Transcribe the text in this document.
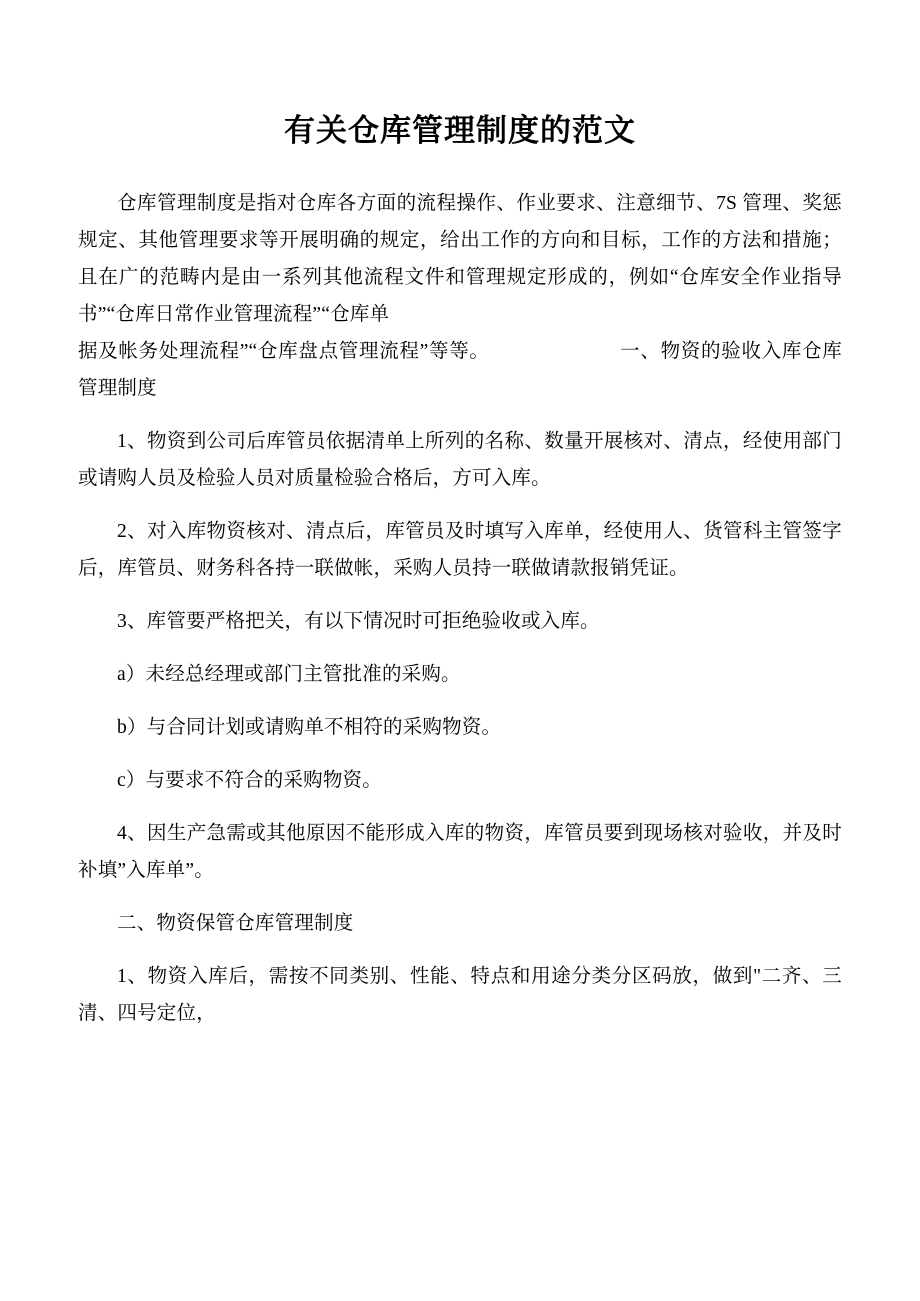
有关仓库管理制度的范文

仓库管理制度是指对仓库各方面的流程操作、作业要求、注意细节、7S 管理、奖惩规定、其他管理要求等开展明确的规定，给出工作的方向和目标，工作的方法和措施；且在广的范畴内是由一系列其他流程文件和管理规定形成的，例如“仓库安全作业指导书”“仓库日常作业管理流程”“仓库单

据及帐务处理流程”“仓库盘点管理流程”等等。	一、物资的验收入库仓库管理制度

1、物资到公司后库管员依据清单上所列的名称、数量开展核对、清点，经使用部门或请购人员及检验人员对质量检验合格后，方可入库。

2、对入库物资核对、清点后，库管员及时填写入库单，经使用人、货管科主管签字后，库管员、财务科各持一联做帐，采购人员持一联做请款报销凭证。

3、库管要严格把关，有以下情况时可拒绝验收或入库。

a）未经总经理或部门主管批准的采购。

b）与合同计划或请购单不相符的采购物资。

c）与要求不符合的采购物资。

4、因生产急需或其他原因不能形成入库的物资，库管员要到现场核对验收，并及时补填”入库单”。

二、物资保管仓库管理制度

1、物资入库后，需按不同类别、性能、特点和用途分类分区码放，做到"二齐、三清、四号定位，
